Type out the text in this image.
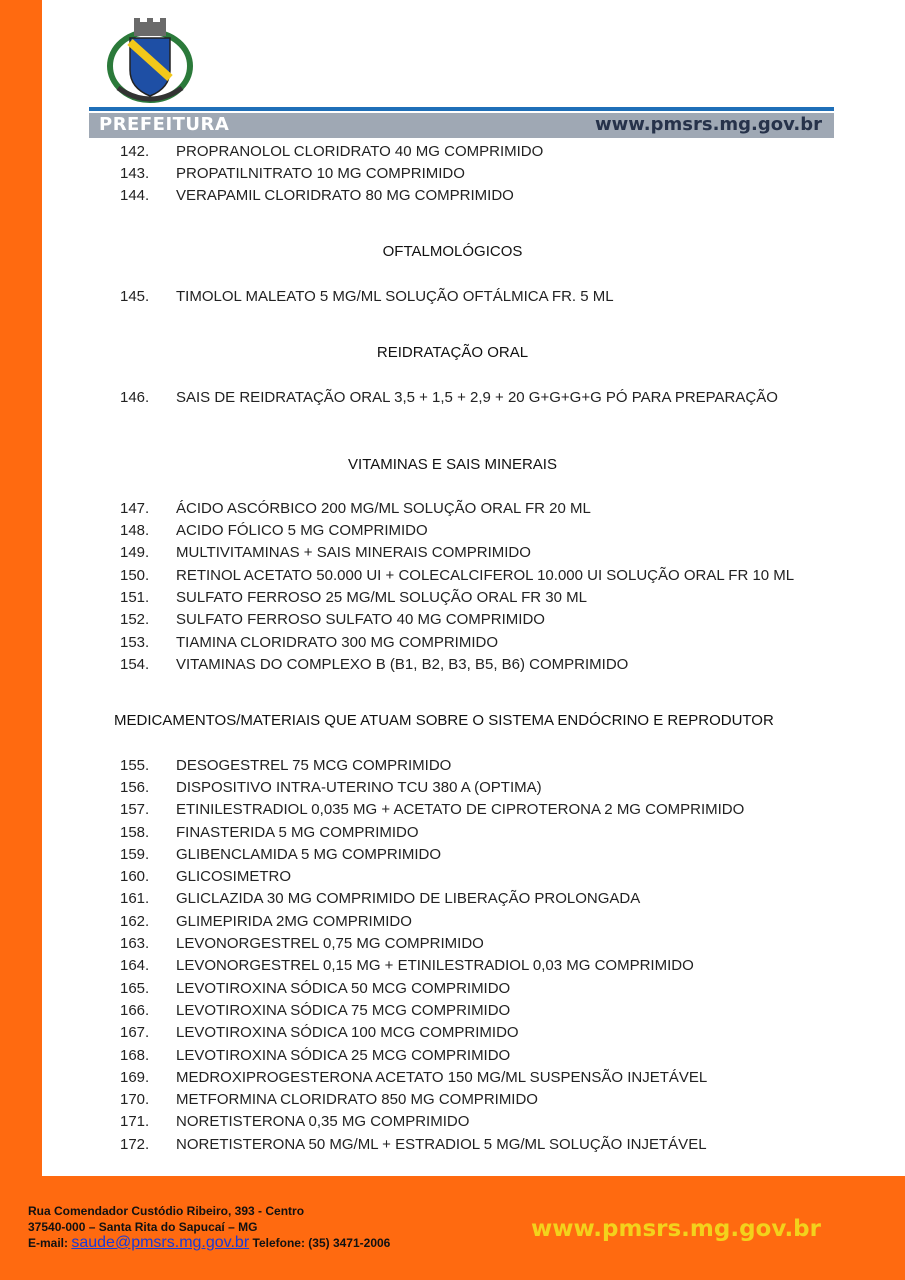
PREFEITURA	www.pmsrs.mg.gov.br
142.	PROPRANOLOL CLORIDRATO 40 MG COMPRIMIDO
143.	PROPATILNITRATO 10 MG COMPRIMIDO
144.	VERAPAMIL CLORIDRATO 80 MG COMPRIMIDO
OFTALMOLÓGICOS
145.	TIMOLOL MALEATO 5 MG/ML SOLUÇÃO OFTÁLMICA FR. 5 ML
REIDRATAÇÃO ORAL
146.	SAIS DE REIDRATAÇÃO ORAL 3,5 + 1,5 + 2,9 + 20 G+G+G+G PÓ PARA PREPARAÇÃO
VITAMINAS E SAIS MINERAIS
147.	ÁCIDO ASCÓRBICO 200 MG/ML SOLUÇÃO ORAL FR 20 ML
148.	ACIDO FÓLICO 5 MG COMPRIMIDO
149.	MULTIVITAMINAS + SAIS MINERAIS COMPRIMIDO
150.	RETINOL ACETATO 50.000 UI + COLECALCIFEROL 10.000 UI SOLUÇÃO ORAL FR 10 ML
151.	SULFATO FERROSO 25 MG/ML SOLUÇÃO ORAL FR 30 ML
152.	SULFATO FERROSO SULFATO 40 MG COMPRIMIDO
153.	TIAMINA CLORIDRATO 300 MG COMPRIMIDO
154.	VITAMINAS DO COMPLEXO B (B1, B2, B3, B5, B6) COMPRIMIDO
MEDICAMENTOS/MATERIAIS QUE ATUAM SOBRE O SISTEMA ENDÓCRINO E REPRODUTOR
155.	DESOGESTREL 75 MCG COMPRIMIDO
156.	DISPOSITIVO INTRA-UTERINO TCU 380 A (OPTIMA)
157.	ETINILESTRADIOL 0,035 MG + ACETATO DE CIPROTERONA 2 MG COMPRIMIDO
158.	FINASTERIDA 5 MG COMPRIMIDO
159.	GLIBENCLAMIDA 5 MG COMPRIMIDO
160.	GLICOSIMETRO
161.	GLICLAZIDA 30 MG COMPRIMIDO DE LIBERAÇÃO PROLONGADA
162.	GLIMEPIRIDA 2MG COMPRIMIDO
163.	LEVONORGESTREL 0,75 MG COMPRIMIDO
164.	LEVONORGESTREL 0,15 MG + ETINILESTRADIOL 0,03 MG COMPRIMIDO
165.	LEVOTIROXINA SÓDICA 50 MCG COMPRIMIDO
166.	LEVOTIROXINA SÓDICA 75 MCG COMPRIMIDO
167.	LEVOTIROXINA SÓDICA 100 MCG COMPRIMIDO
168.	LEVOTIROXINA SÓDICA 25 MCG COMPRIMIDO
169.	MEDROXIPROGESTERONA ACETATO 150 MG/ML SUSPENSÃO INJETÁVEL
170.	METFORMINA CLORIDRATO 850 MG COMPRIMIDO
171.	NORETISTERONA 0,35 MG COMPRIMIDO
172.	NORETISTERONA 50 MG/ML + ESTRADIOL 5 MG/ML SOLUÇÃO INJETÁVEL
Rua Comendador Custódio Ribeiro, 393 - Centro
37540-000 – Santa Rita do Sapucaí – MG
E-mail: saude@pmsrs.mg.gov.br Telefone: (35) 3471-2006
www.pmsrs.mg.gov.br
